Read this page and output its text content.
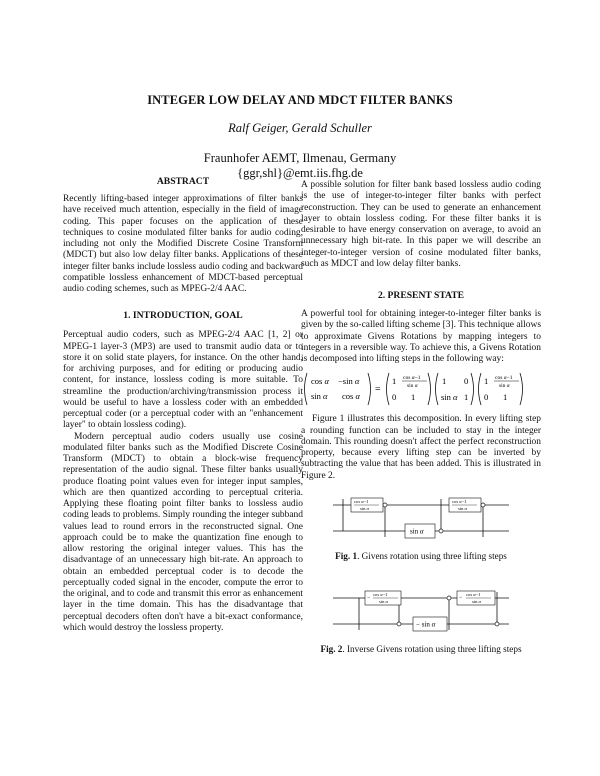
INTEGER LOW DELAY AND MDCT FILTER BANKS
Ralf Geiger, Gerald Schuller
Fraunhofer AEMT, Ilmenau, Germany
{ggr,shl}@emt.iis.fhg.de

ABSTRACT

Recently lifting-based integer approximations of filter banks have received much attention, especially in the field of image coding. This paper focuses on the application of these techniques to cosine modulated filter banks for audio coding, including not only the Modified Discrete Cosine Transform (MDCT) but also low delay filter banks. Applications of these integer filter banks include lossless audio coding and backward compatible lossless enhancement of MDCT-based perceptual audio coding schemes, such as MPEG-2/4 AAC.

1. INTRODUCTION, GOAL

Perceptual audio coders, such as MPEG-2/4 AAC [1, 2] or MPEG-1 layer-3 (MP3) are used to transmit audio data or to store it on solid state players, for instance. On the other hand, for archiving purposes, and for editing or producing audio content, for instance, lossless coding is more suitable. To streamline the production/archiving/transmission process it would be useful to have a lossless coder with an embedded perceptual coder (or a perceptual coder with an "enhancement layer" to obtain lossless coding).

Modern perceptual audio coders usually use cosine modulated filter banks such as the Modified Discrete Cosine Transform (MDCT) to obtain a block-wise frequency representation of the audio signal. These filter banks usually produce floating point values even for integer input samples, which are then quantized according to perceptual criteria. Applying these floating point filter banks to lossless audio coding leads to problems. Simply rounding the integer subband values lead to round errors in the reconstructed signal. One approach could be to make the quantization fine enough to allow restoring the original integer values. This has the disadvantage of an unnecessary high bit-rate. An approach to obtain an embedded perceptual coder is to decode the perceptually coded signal in the encoder, compute the error to the original, and to code and transmit this error as enhancement layer in the time domain. This has the disadvantage that perceptual decoders often don't have a bit-exact conformance, which would destroy the lossless property.

A possible solution for filter bank based lossless audio coding is the use of integer-to-integer filter banks with perfect reconstruction. They can be used to generate an enhancement layer to obtain lossless coding. For these filter banks it is desirable to have energy conservation on average, to avoid an unnecessary high bit-rate. In this paper we will describe an integer-to-integer version of cosine modulated filter banks, such as MDCT and low delay filter banks.

2. PRESENT STATE

A powerful tool for obtaining integer-to-integer filter banks is given by the so-called lifting scheme [3]. This technique allows to approximate Givens Rotations by mapping integers to integers in a reversible way. To achieve this, a Givens Rotation is decomposed into lifting steps in the following way:

cos α −sin α
sin α cos α
=
1 cos α−1
sin α
0 1
1 0
sin α 1
1 cos α−1
sin α
0 1

Figure 1 illustrates this decomposition. In every lifting step a rounding function can be included to stay in the integer domain. This rounding doesn't affect the perfect reconstruction property, because every lifting step can be inverted by subtracting the value that has been added. This is illustrated in Figure 2.

cos α−1
sin α
sin α
cos α−1
sin α

Fig. 1. Givens rotation using three lifting steps

−
cos α−1
sin α
− sin α
−
cos α−1
sin α

Fig. 2. Inverse Givens rotation using three lifting steps
